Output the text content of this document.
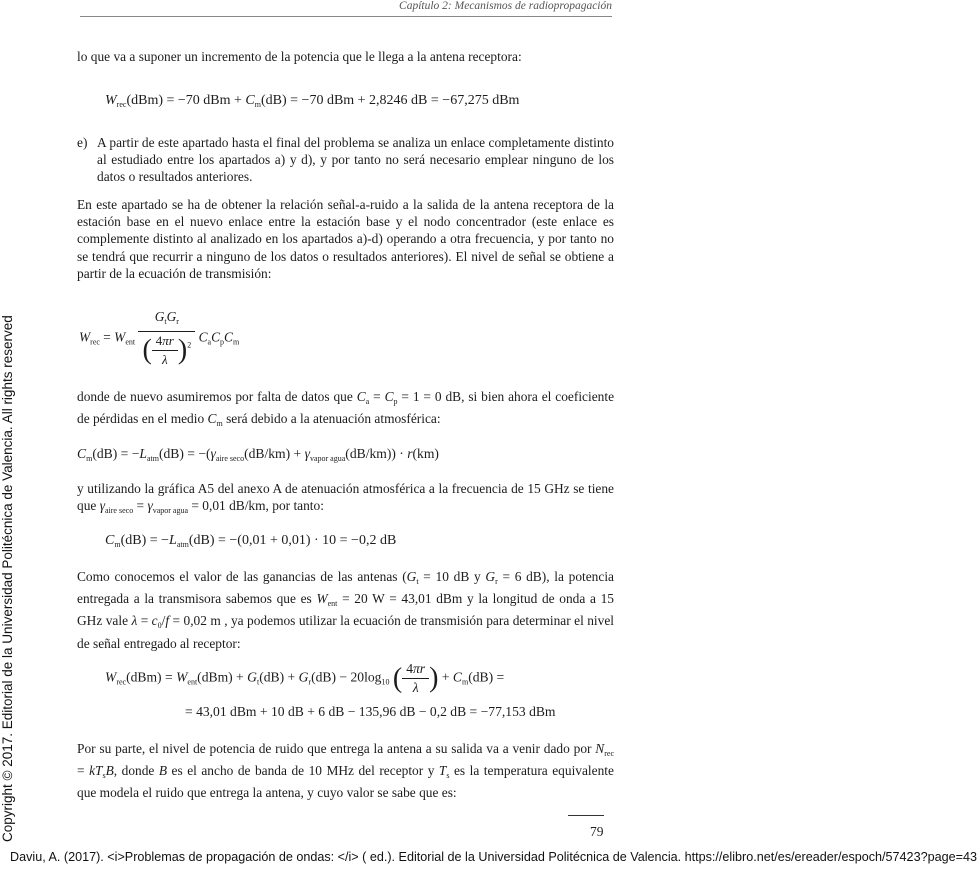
Capítulo 2: Mecanismos de radiopropagación
Copyright © 2017. Editorial de la Universidad Politécnica de Valencia. All rights reserved

lo que va a suponer un incremento de la potencia que le llega a la antena receptora:

$W_{rec}(dBm) = -70$ dBm + $C_m(dB) = -70$ dBm + 2,8246 dB = −67,275 dBm
e) A partir de este apartado hasta el final del problema se analiza un enlace completamente distinto al estudiado entre los apartados a) y d), y por tanto no será necesario emplear ninguno de los datos o resultados anteriores.

En este apartado se ha de obtener la relación señal-a-ruido a la salida de la antena receptora de la estación base en el nuevo enlace entre la estación base y el nodo concentrador (este enlace es complemente distinto al analizado en los apartados a)-d) operando a otra frecuencia, y por tanto no se tendrá que recurrir a ninguno de los datos o resultados anteriores). El nivel de señal se obtiene a partir de la ecuación de transmisión:

$W_{rec} = W_{ent} \frac{G_tG_r}{( \frac{4\pi r}{\lambda} )^2} C_aC_pC_m$

donde de nuevo asumiremos por falta de datos que $C_a = C_p = 1 = 0$ dB, si bien ahora el coeficiente de pérdidas en el medio $C_m$ será debido a la atenuación atmosférica:

$C_m(dB) = -L_{atm}(dB) = -(\gamma_{aire seco}(dB/km) + \gamma_{vapor agua}(dB/km)) \cdot r(km)$

y utilizando la gráfica A5 del anexo A de atenuación atmosférica a la frecuencia de 15 GHz se tiene que $\gamma_{aire seco} = \gamma_{vapor agua} = 0,01$ dB/km, por tanto:

$C_m(dB) = -L_{atm}(dB) = -(0,01 + 0,01) \cdot 10 = -0,2$ dB

Como conocemos el valor de las ganancias de las antenas ($G_t = 10$ dB y $G_r = 6$ dB), la potencia entregada a la transmisora sabemos que es $W_{ent} = 20$ W = 43,01 dBm y la longitud de onda a 15 GHz vale $\lambda = c_0/f = 0,02$ m , ya podemos utilizar la ecuación de transmisión para determinar el nivel de señal entregado al receptor:

$W_{rec}(dBm) = W_{ent}(dBm) + G_t(dB) + G_r(dB) - 20\log_{10}$ ( $\frac{4\pi r}{\lambda}$ ) + $C_m(dB)$ =
= 43,01 dBm + 10 dB + 6 dB − 135,96 dB − 0,2 dB = −77,153 dBm

Por su parte, el nivel de potencia de ruido que entrega la antena a su salida va a venir dado por $N_{rec} = kT_sB$, donde B es el ancho de banda de 10 MHz del receptor y $T_s$ es la temperatura equivalente que modela el ruido que entrega la antena, y cuyo valor se sabe que es:

79
Daviu, A. (2017). <i>Problemas de propagación de ondas: </i> ( ed.). Editorial de la Universidad Politécnica de Valencia. https://elibro.net/es/ereader/espoch/57423?page=43
